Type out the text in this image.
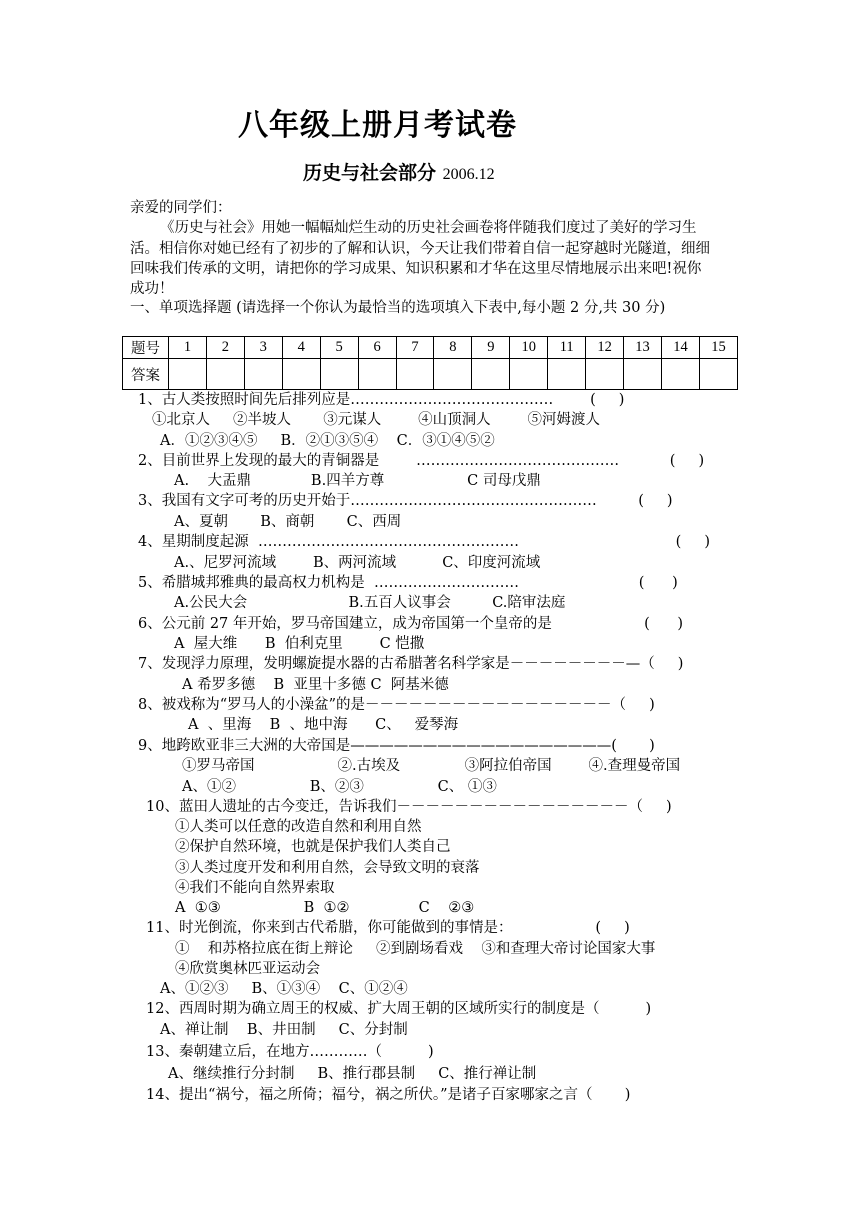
八年级上册月考试卷
历史与社会部分 2006.12
亲爱的同学们：
《历史与社会》用她一幅幅灿烂生动的历史社会画卷将伴随我们度过了美好的学习生
活。相信你对她已经有了初步的了解和认识，今天让我们带着自信一起穿越时光隧道，细细
回味我们传承的文明，请把你的学习成果、知识积累和才华在这里尽情地展示出来吧!祝你
成功！
一、单项选择题 (请选择一个你认为最恰当的选项填入下表中,每小题 2 分,共 30 分)
题号	1	2	3	4	5	6	7	8	9	10	11	12	13	14	15
答案															
1、古人类按照时间先后排列应是……………………………………        (     )
①北京人     ②半坡人       ③元谋人        ④山顶洞人        ⑤河姆渡人
A．①②③④⑤     B．②①③⑤④    C．③①④⑤②
2、目前世界上发现的最大的青铜器是        ……………………………………           (     )
A.    大盂鼎             B.四羊方尊                  C 司母戊鼎
3、我国有文字可考的历史开始于……………………………………………         (     )
A、夏朝       B、商朝       C、西周
4、星期制度起源  ………………………………………………                                  (     )
A.、尼罗河流域        B、两河流域          C、印度河流域
5、希腊城邦雅典的最高权力机构是  …………………………                          (      )
A.公民大会                      B.五百人议事会         C.陪审法庭
6、公元前 27 年开始，罗马帝国建立，成为帝国第一个皇帝的是                    (      )
A  屋大维      B  伯利克里        C 恺撒
7、发现浮力原理，发明螺旋提水器的古希腊著名科学家是－－－－－－－－—（     )
A 希罗多德    B  亚里十多德 C  阿基米德
8、被戏称为“罗马人的小澡盆”的是－－－－－－－－－－－－－－－－－（     )
A  、里海    B  、地中海      C、   爱琴海
9、地跨欧亚非三大洲的大帝国是——————————————————(       )
①罗马帝国                  ②.古埃及              ③阿拉伯帝国        ④.查理曼帝国
A、①②                B、②③                C、 ①③
10、蓝田人遗址的古今变迁，告诉我们－－－－－－－－－－－－－－－－（     )
①人类可以任意的改造自然和利用自然
②保护自然环境，也就是保护我们人类自己
③人类过度开发和利用自然，会导致文明的衰落
④我们不能向自然界索取
A  ①③                  B  ①②               C    ②③
11、时光倒流，你来到古代希腊，你可能做到的事情是：                  (     )
①    和苏格拉底在街上辩论     ②到剧场看戏    ③和查理大帝讨论国家大事
④欣赏奥林匹亚运动会
A、①②③     B、①③④    C、①②④
12、西周时期为确立周王的权威、扩大周王朝的区域所实行的制度是（          )
A、禅让制    B、井田制     C、分封制
13、秦朝建立后，在地方…………（          )
A、继续推行分封制     B、推行郡县制     C、推行禅让制
14、提出“祸兮，福之所倚；福兮，祸之所伏。”是诸子百家哪家之言（       )
